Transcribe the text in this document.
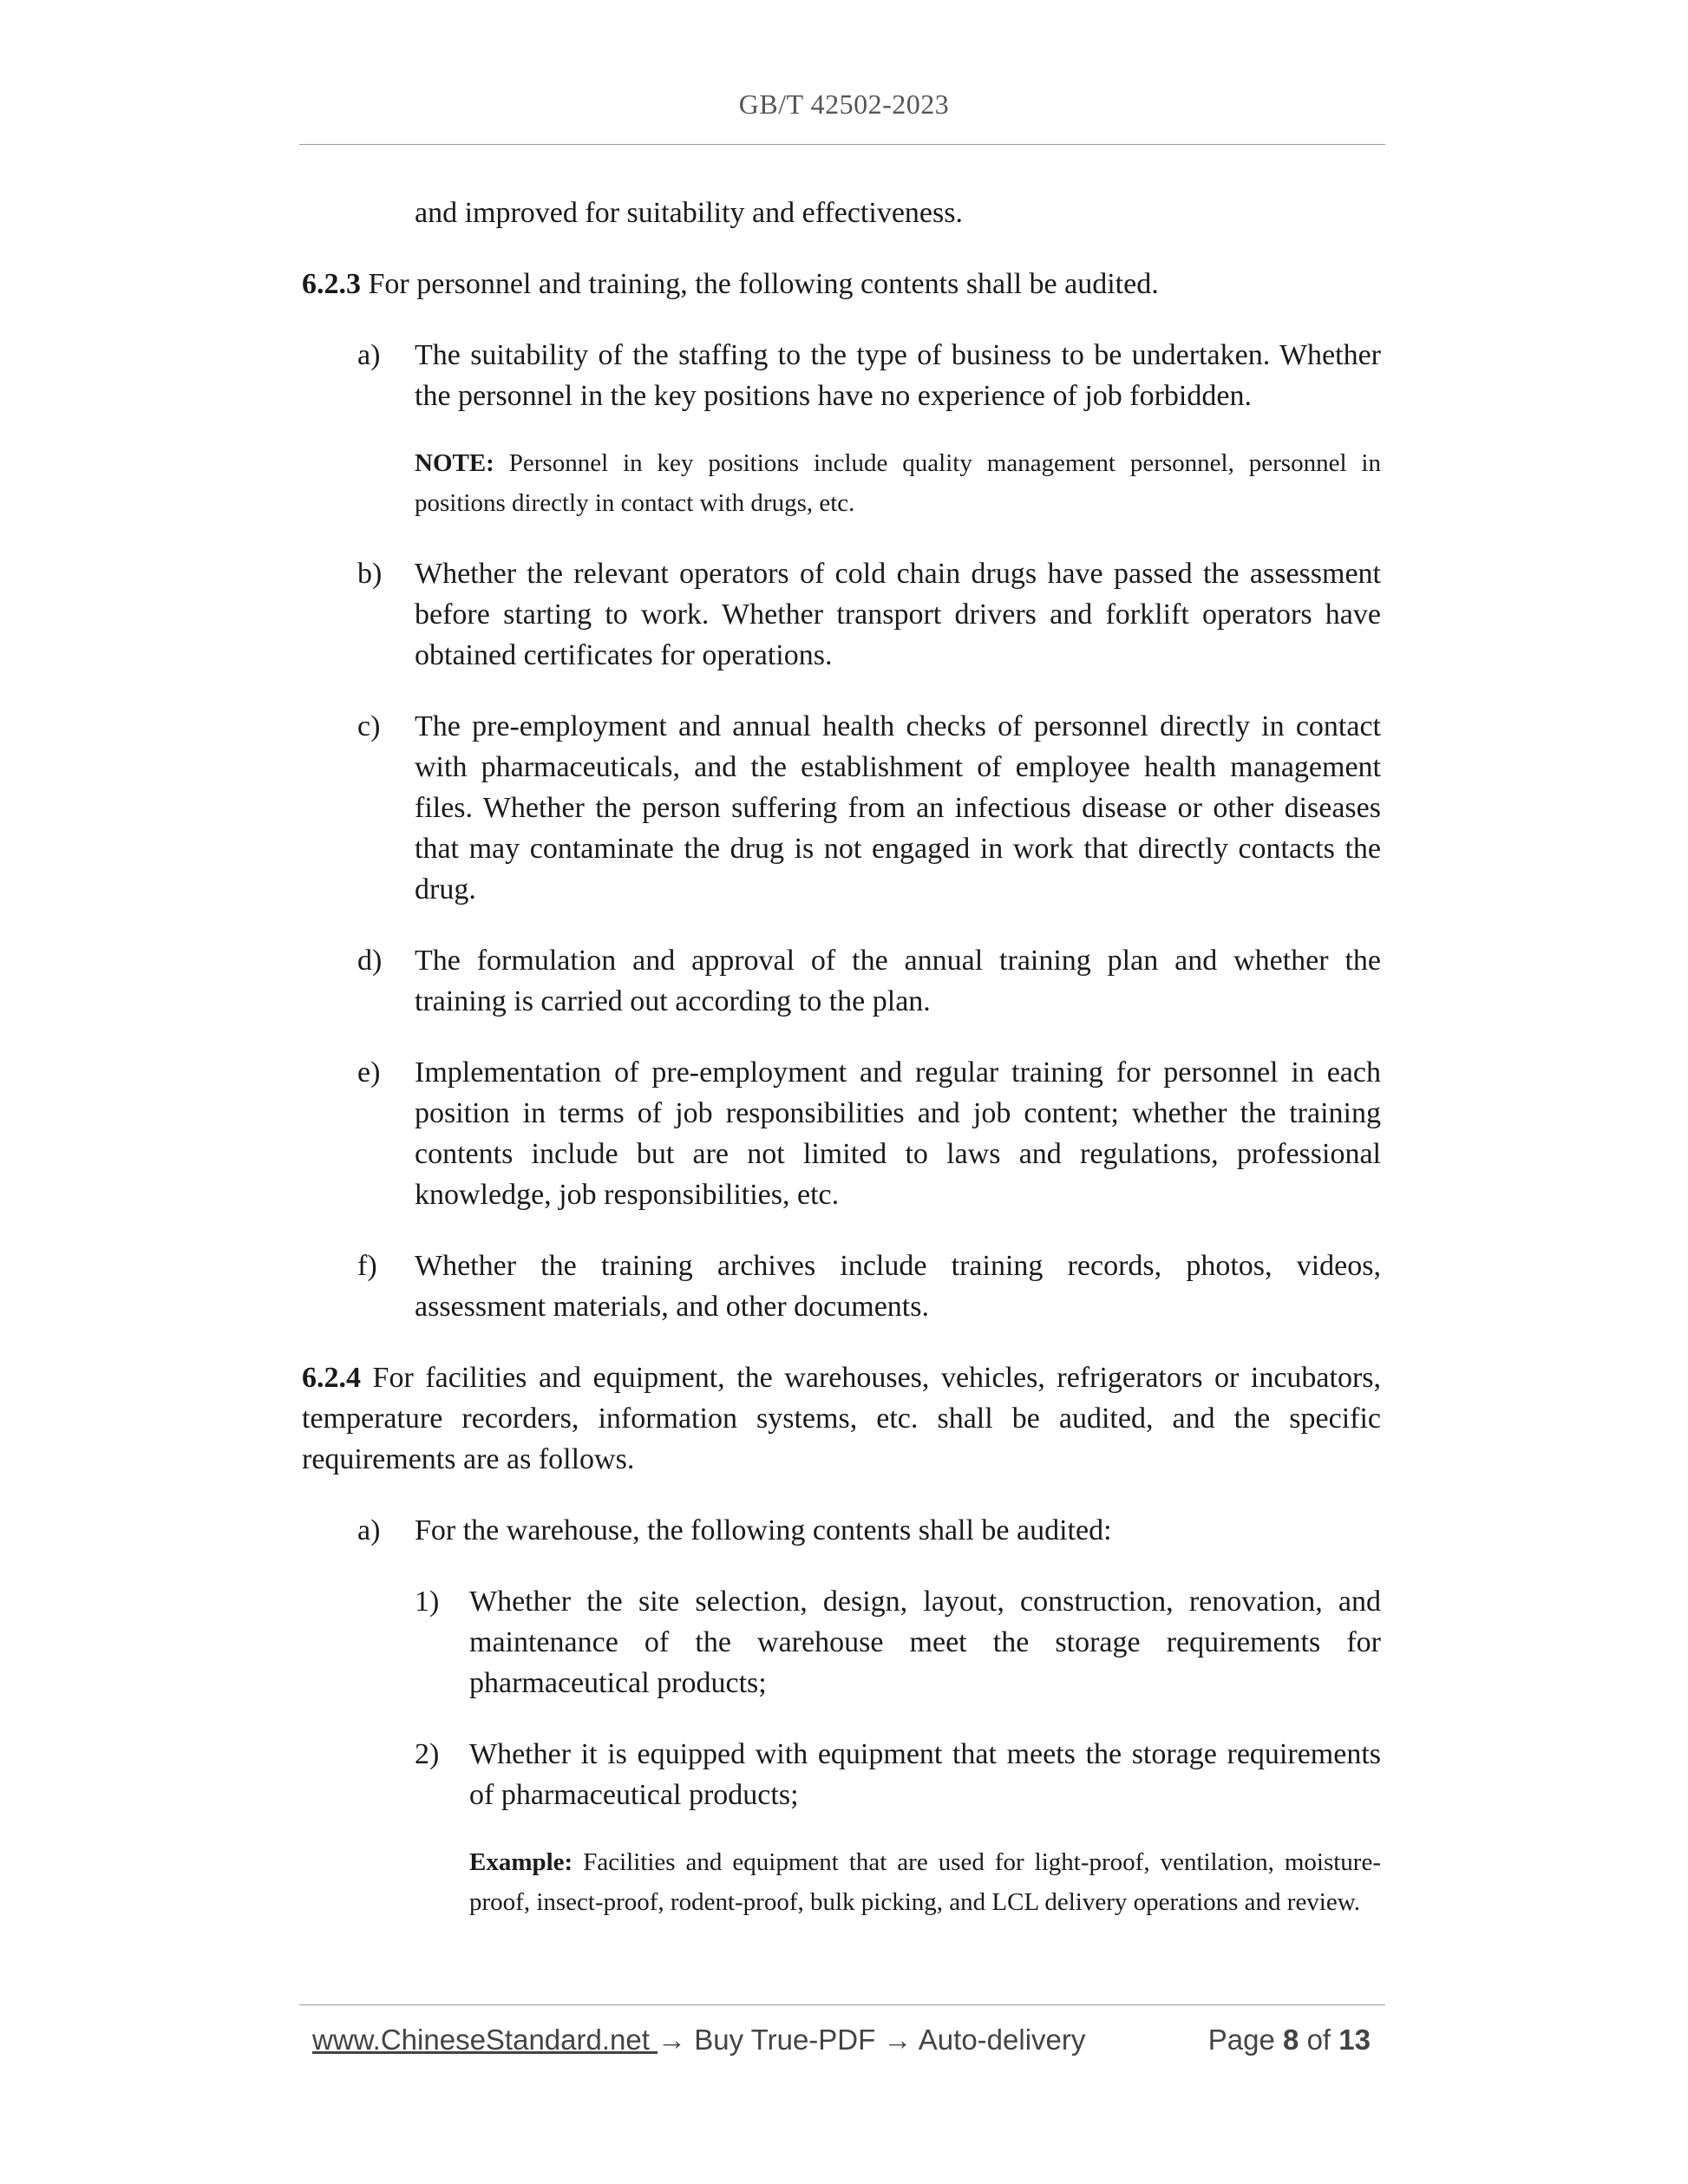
GB/T 42502-2023

and improved for suitability and effectiveness.

6.2.3 For personnel and training, the following contents shall be audited.

a) The suitability of the staffing to the type of business to be undertaken. Whether the personnel in the key positions have no experience of job forbidden.
NOTE: Personnel in key positions include quality management personnel, personnel in positions directly in contact with drugs, etc.
b) Whether the relevant operators of cold chain drugs have passed the assessment before starting to work. Whether transport drivers and forklift operators have obtained certificates for operations.
c) The pre-employment and annual health checks of personnel directly in contact with pharmaceuticals, and the establishment of employee health management files. Whether the person suffering from an infectious disease or other diseases that may contaminate the drug is not engaged in work that directly contacts the drug.
d) The formulation and approval of the annual training plan and whether the training is carried out according to the plan.
e) Implementation of pre-employment and regular training for personnel in each position in terms of job responsibilities and job content; whether the training contents include but are not limited to laws and regulations, professional knowledge, job responsibilities, etc.
f) Whether the training archives include training records, photos, videos, assessment materials, and other documents.

6.2.4 For facilities and equipment, the warehouses, vehicles, refrigerators or incubators, temperature recorders, information systems, etc. shall be audited, and the specific requirements are as follows.

a) For the warehouse, the following contents shall be audited:
1) Whether the site selection, design, layout, construction, renovation, and maintenance of the warehouse meet the storage requirements for pharmaceutical products;
2) Whether it is equipped with equipment that meets the storage requirements of pharmaceutical products;
Example: Facilities and equipment that are used for light-proof, ventilation, moisture-proof, insect-proof, rodent-proof, bulk picking, and LCL delivery operations and review.
www.ChineseStandard.net → Buy True-PDF → Auto-delivery	Page 8 of 13
